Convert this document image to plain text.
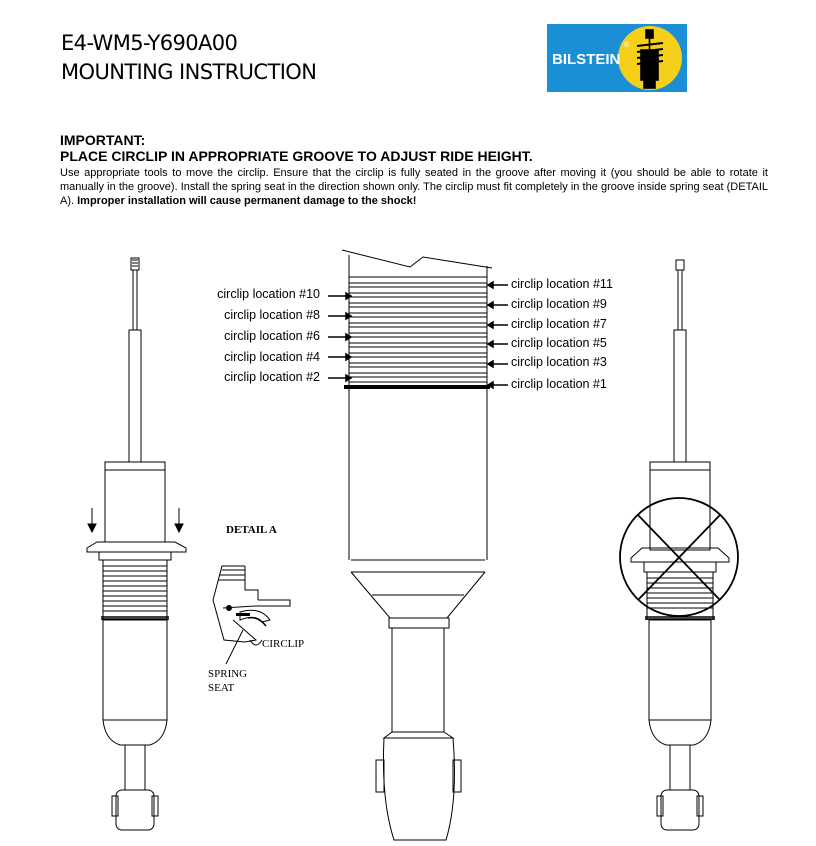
E4-WM5-Y690A00
MOUNTING INSTRUCTION
BILSTEIN
®
IMPORTANT:
PLACE CIRCLIP IN APPROPRIATE GROOVE TO ADJUST RIDE HEIGHT.
Use appropriate tools to move the circlip. Ensure that the circlip is fully seated in the groove after moving it (you should be able to rotate it manually in the groove). Install the spring seat in the direction shown only. The circlip must fit completely in the groove inside spring seat (DETAIL A). Improper installation will cause permanent damage to the shock!
circlip location #10
circlip location #8
circlip location #6
circlip location #4
circlip location #2
circlip location #11
circlip location #9
circlip location #7
circlip location #5
circlip location #3
circlip location #1
DETAIL A
CIRCLIP
SPRING
SEAT
